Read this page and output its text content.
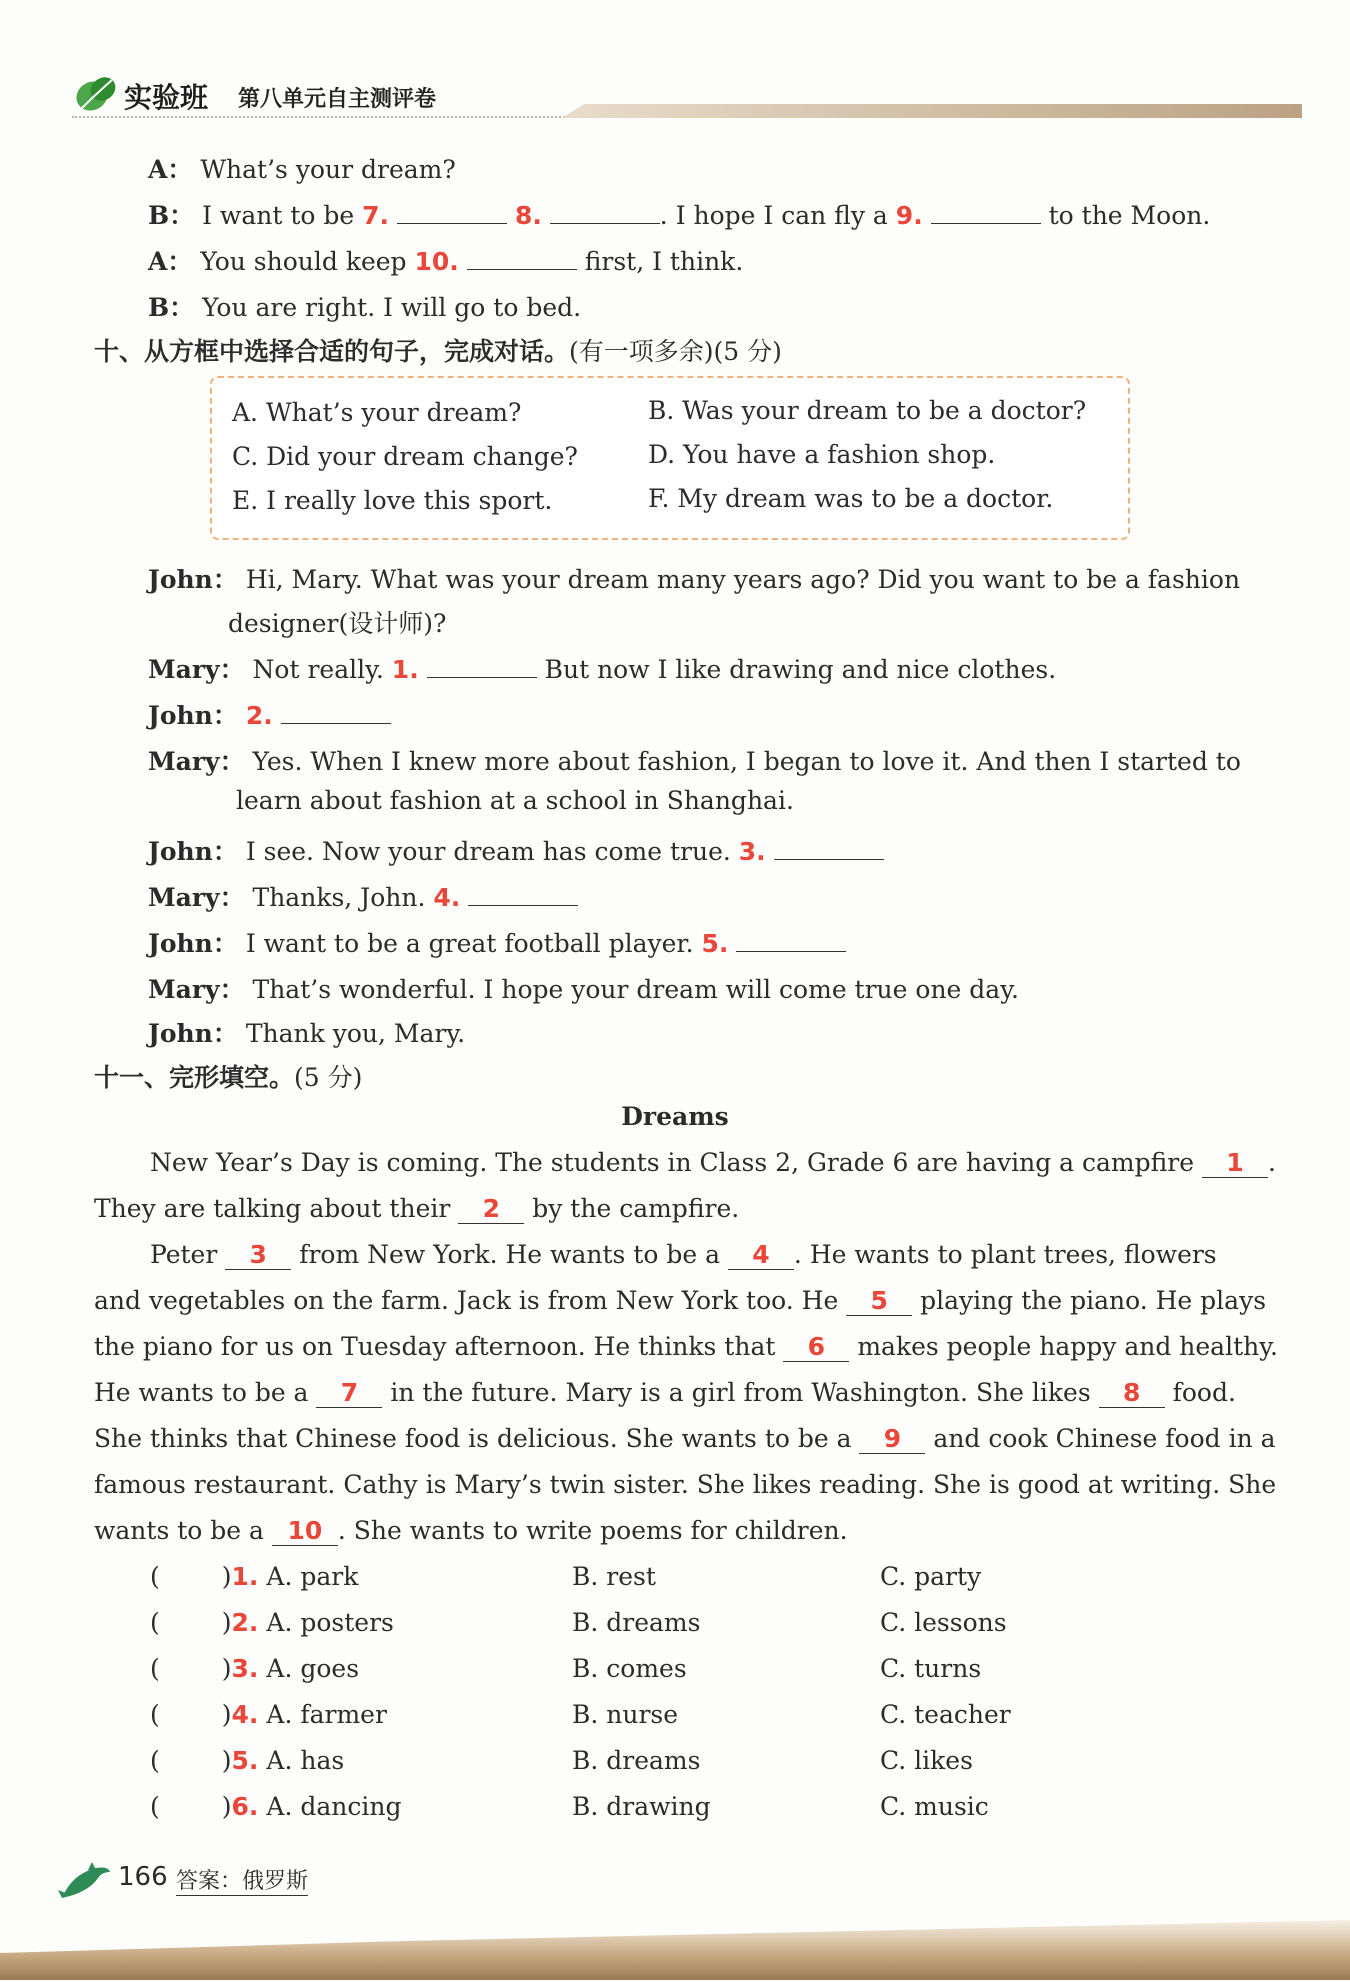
实验班 第八单元自主测评卷
A： What’s your dream?
B： I want to be 7.	8.	. I hope I can fly a 9.	to the Moon.
A： You should keep 10.	first, I think.
B： You are right. I will go to bed.
十、从方框中选择合适的句子，完成对话。(有一项多余)(5 分)
A. What’s your dream?	B. Was your dream to be a doctor?
C. Did your dream change?	D. You have a fashion shop.
E. I really love this sport.	F. My dream was to be a doctor.
John： Hi, Mary. What was your dream many years ago? Did you want to be a fashion
designer(设计师)?
Mary： Not really. 1.	But now I like drawing and nice clothes.
John： 2.
Mary： Yes. When I knew more about fashion, I began to love it. And then I started to
learn about fashion at a school in Shanghai.
John： I see. Now your dream has come true. 3.
Mary： Thanks, John. 4.
John： I want to be a great football player. 5.
Mary： That’s wonderful. I hope your dream will come true one day.
John： Thank you, Mary.
十一、完形填空。(5 分)
Dreams
New Year’s Day is coming. The students in Class 2, Grade 6 are having a campfire 1 .
They are talking about their 2 by the campfire.
Peter 3 from New York. He wants to be a 4 . He wants to plant trees, flowers
and vegetables on the farm. Jack is from New York too. He 5 playing the piano. He plays
the piano for us on Tuesday afternoon. He thinks that 6 makes people happy and healthy.
He wants to be a 7 in the future. Mary is a girl from Washington. She likes 8 food.
She thinks that Chinese food is delicious. She wants to be a 9 and cook Chinese food in a
famous restaurant. Cathy is Mary’s twin sister. She likes reading. She is good at writing. She
wants to be a 10 . She wants to write poems for children.
( )1. A. park	B. rest	C. party
( )2. A. posters	B. dreams	C. lessons
( )3. A. goes	B. comes	C. turns
( )4. A. farmer	B. nurse	C. teacher
( )5. A. has	B. dreams	C. likes
( )6. A. dancing	B. drawing	C. music
166 答案：俄罗斯
